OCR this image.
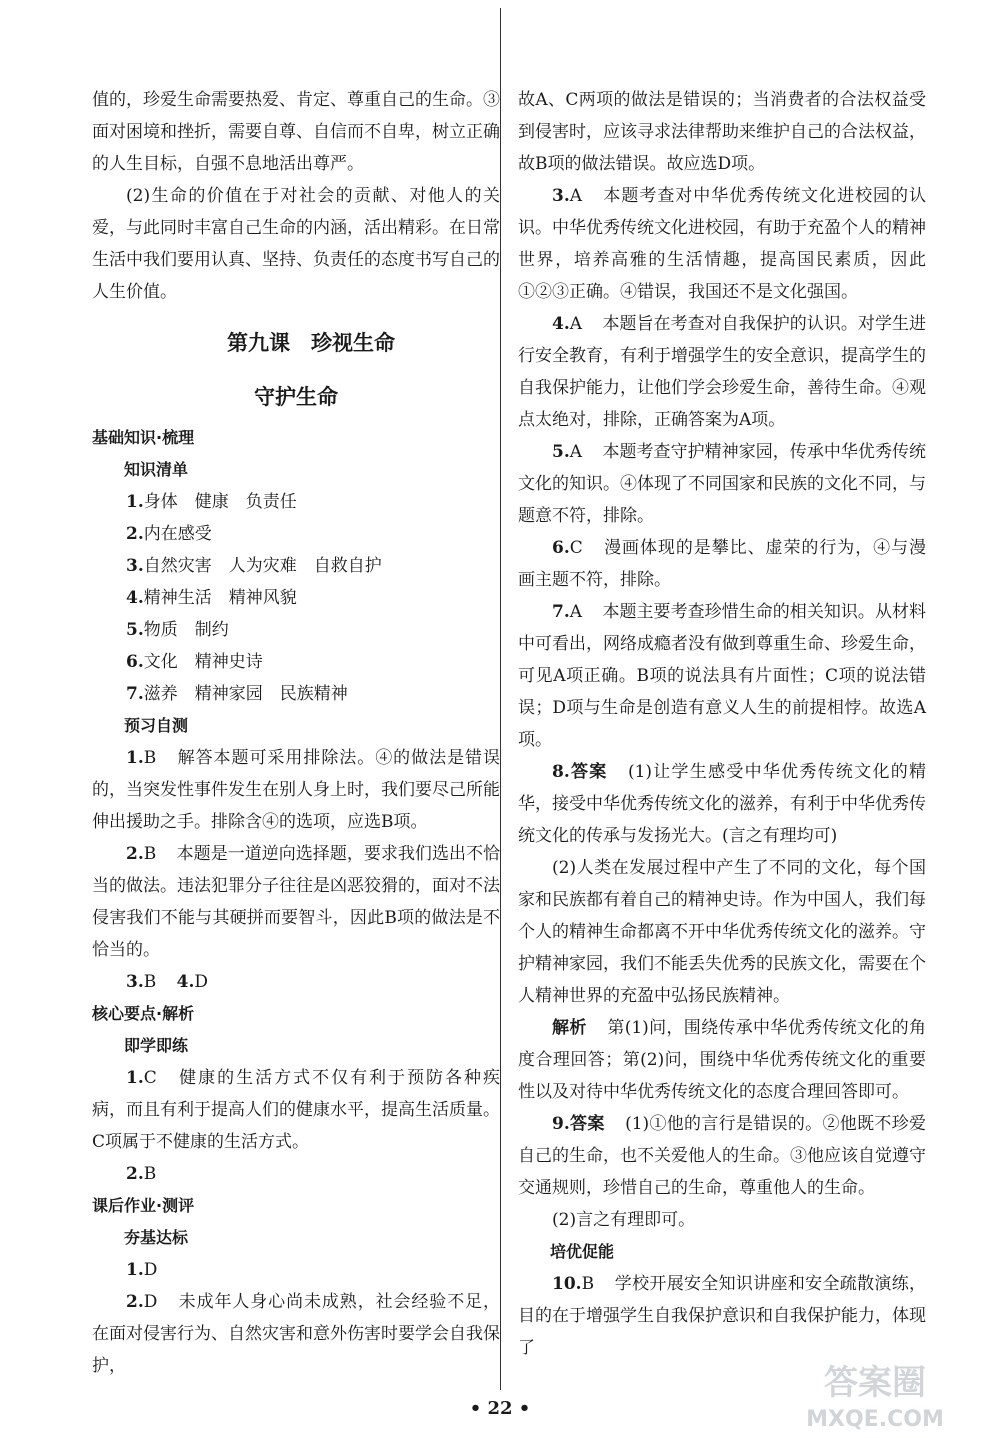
值的，珍爱生命需要热爱、肯定、尊重自己的生命。③面对困境和挫折，需要自尊、自信而不自卑，树立正确的人生目标，自强不息地活出尊严。

(2)生命的价值在于对社会的贡献、对他人的关爱，与此同时丰富自己生命的内涵，活出精彩。在日常生活中我们要用认真、坚持、负责任的态度书写自己的人生价值。

第九课　珍视生命
守护生命
基础知识·梳理
知识清单

1.身体　健康　负责任

2.内在感受

3.自然灾害　人为灾难　自救自护

4.精神生活　精神风貌

5.物质　制约

6.文化　精神史诗

7.滋养　精神家园　民族精神

预习自测

1.B 解答本题可采用排除法。④的做法是错误的，当突发性事件发生在别人身上时，我们要尽己所能伸出援助之手。排除含④的选项，应选B项。

2.B 本题是一道逆向选择题，要求我们选出不恰当的做法。违法犯罪分子往往是凶恶狡猾的，面对不法侵害我们不能与其硬拼而要智斗，因此B项的做法是不恰当的。

3.B 4.D

核心要点·解析
即学即练

1.C 健康的生活方式不仅有利于预防各种疾病，而且有利于提高人们的健康水平，提高生活质量。C项属于不健康的生活方式。

2.B

课后作业·测评
夯基达标

1.D

2.D 未成年人身心尚未成熟，社会经验不足，在面对侵害行为、自然灾害和意外伤害时要学会自我保护，

故A、C两项的做法是错误的；当消费者的合法权益受到侵害时，应该寻求法律帮助来维护自己的合法权益，故B项的做法错误。故应选D项。

3.A 本题考查对中华优秀传统文化进校园的认识。中华优秀传统文化进校园，有助于充盈个人的精神世界，培养高雅的生活情趣，提高国民素质，因此①②③正确。④错误，我国还不是文化强国。

4.A 本题旨在考查对自我保护的认识。对学生进行安全教育，有利于增强学生的安全意识，提高学生的自我保护能力，让他们学会珍爱生命，善待生命。④观点太绝对，排除，正确答案为A项。

5.A 本题考查守护精神家园，传承中华优秀传统文化的知识。④体现了不同国家和民族的文化不同，与题意不符，排除。

6.C 漫画体现的是攀比、虚荣的行为，④与漫画主题不符，排除。

7.A 本题主要考查珍惜生命的相关知识。从材料中可看出，网络成瘾者没有做到尊重生命、珍爱生命，可见A项正确。B项的说法具有片面性；C项的说法错误；D项与生命是创造有意义人生的前提相悖。故选A项。

8.答案 (1)让学生感受中华优秀传统文化的精华，接受中华优秀传统文化的滋养，有利于中华优秀传统文化的传承与发扬光大。(言之有理均可)

(2)人类在发展过程中产生了不同的文化，每个国家和民族都有着自己的精神史诗。作为中国人，我们每个人的精神生命都离不开中华优秀传统文化的滋养。守护精神家园，我们不能丢失优秀的民族文化，需要在个人精神世界的充盈中弘扬民族精神。

解析 第(1)问，围绕传承中华优秀传统文化的角度合理回答；第(2)问，围绕中华优秀传统文化的重要性以及对待中华优秀传统文化的态度合理回答即可。

9.答案 (1)①他的言行是错误的。②他既不珍爱自己的生命，也不关爱他人的生命。③他应该自觉遵守交通规则，珍惜自己的生命，尊重他人的生命。

(2)言之有理即可。

培优促能

10.B 学校开展安全知识讲座和安全疏散演练，目的在于增强学生自我保护意识和自我保护能力，体现了

• 22 •
答案圈
MXQE.COM
